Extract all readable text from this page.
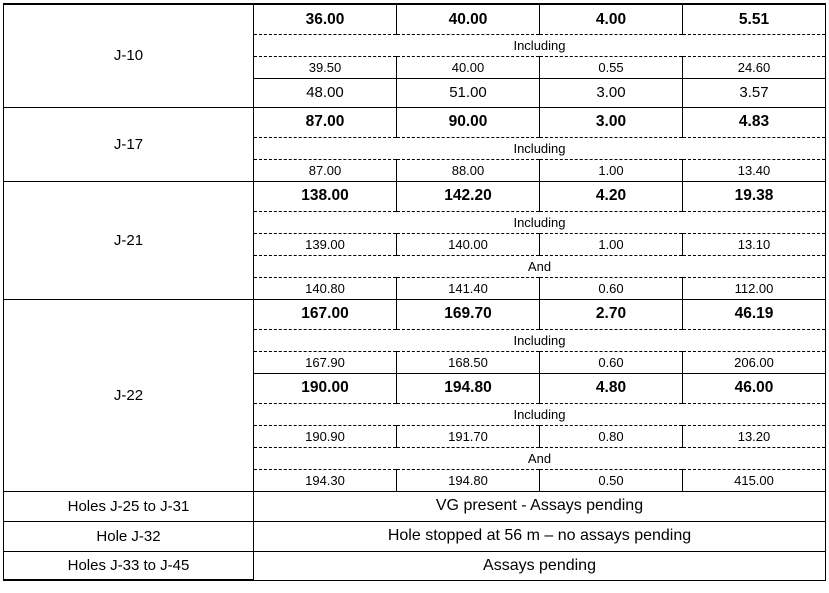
J-10	36.00	40.00	4.00	5.51
	Including			
	39.50	40.00	0.55	24.60
	48.00	51.00	3.00	3.57
J-17	87.00	90.00	3.00	4.83
	Including			
	87.00	88.00	1.00	13.40
J-21	138.00	142.20	4.20	19.38
	Including			
	139.00	140.00	1.00	13.10
	And			
	140.80	141.40	0.60	112.00
J-22	167.00	169.70	2.70	46.19
	Including			
	167.90	168.50	0.60	206.00
	190.00	194.80	4.80	46.00
	Including			
	190.90	191.70	0.80	13.20
	And			
	194.30	194.80	0.50	415.00
Holes J-25 to J-31	VG present - Assays pending			
Hole J-32	Hole stopped at 56 m – no assays pending			
Holes J-33 to J-45	Assays pending			
